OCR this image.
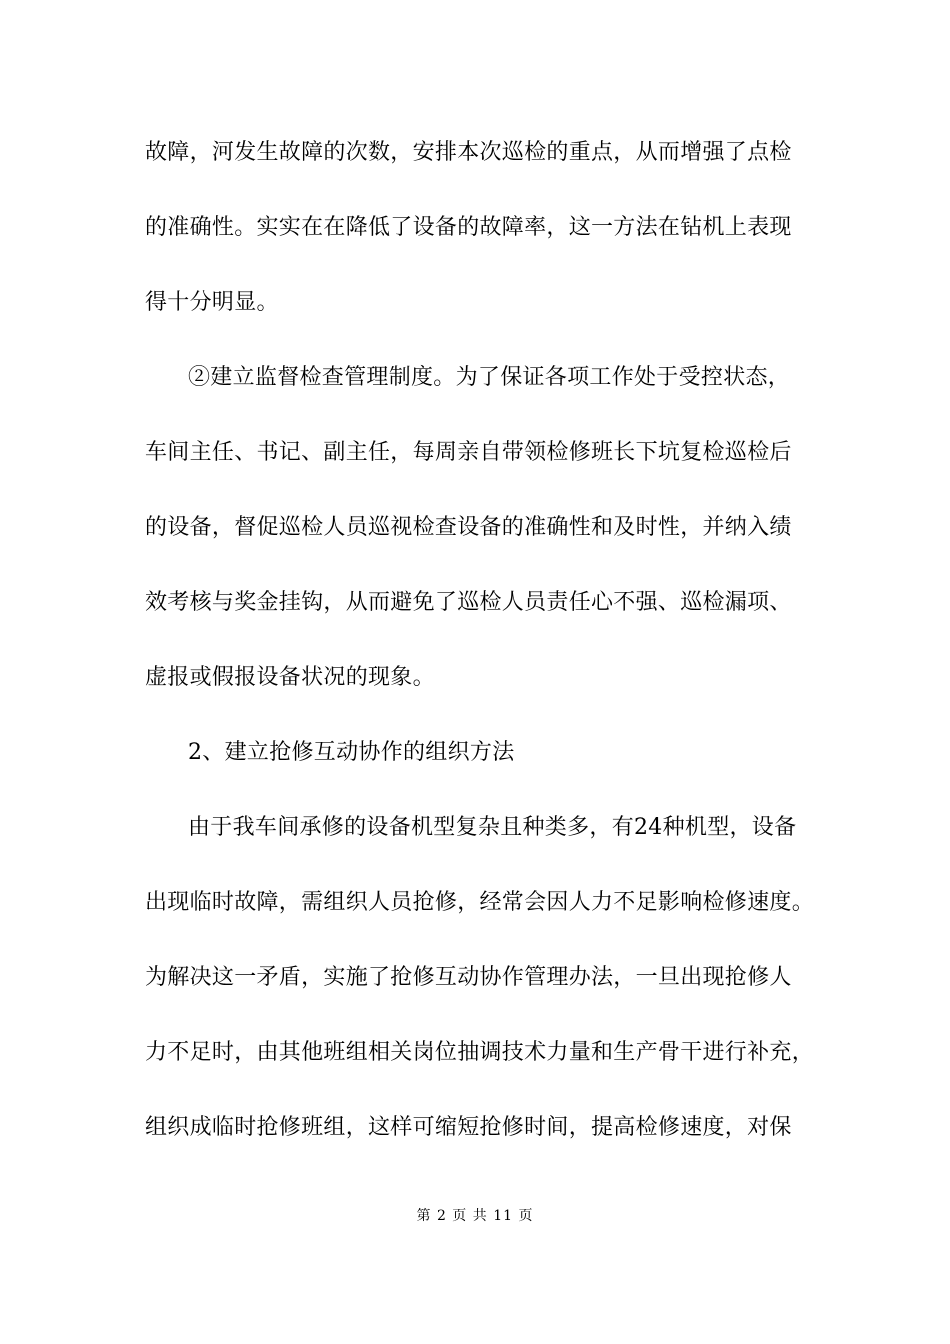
故障，河发生故障的次数，安排本次巡检的重点，从而增强了点检
的准确性。实实在在降低了设备的故障率，这一方法在钻机上表现
得十分明显。
②建立监督检查管理制度。为了保证各项工作处于受控状态，
车间主任、书记、副主任，每周亲自带领检修班长下坑复检巡检后
的设备，督促巡检人员巡视检查设备的准确性和及时性，并纳入绩
效考核与奖金挂钩，从而避免了巡检人员责任心不强、巡检漏项、
虚报或假报设备状况的现象。
2、建立抢修互动协作的组织方法
由于我车间承修的设备机型复杂且种类多，有24种机型，设备
出现临时故障，需组织人员抢修，经常会因人力不足影响检修速度。
为解决这一矛盾，实施了抢修互动协作管理办法，一旦出现抢修人
力不足时，由其他班组相关岗位抽调技术力量和生产骨干进行补充，
组织成临时抢修班组，这样可缩短抢修时间，提高检修速度，对保
第 2 页 共 11 页
